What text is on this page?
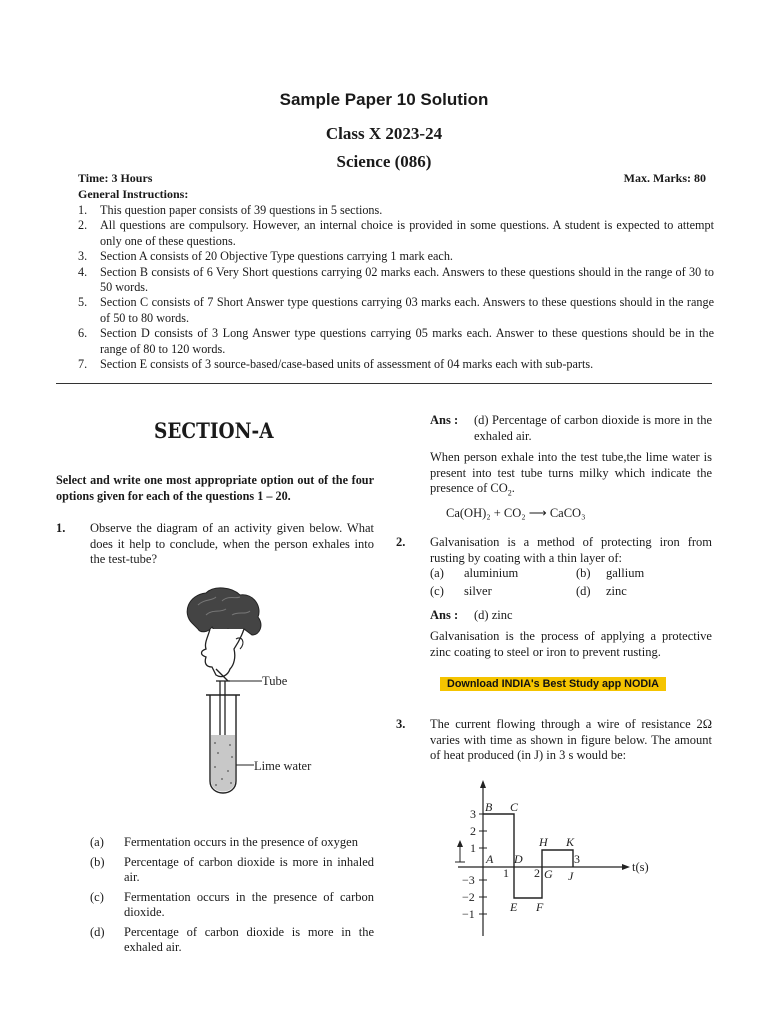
Sample Paper 10 Solution
Class X 2023-24
Science (086)
Time: 3 Hours	Max. Marks: 80
General Instructions:
1.	This question paper consists of 39 questions in 5 sections.
2.	All questions are compulsory. However, an internal choice is provided in some questions. A student is expected to attempt only one of these questions.
3.	Section A consists of 20 Objective Type questions carrying 1 mark each.
4.	Section B consists of 6 Very Short questions carrying 02 marks each. Answers to these questions should in the range of 30 to 50 words.
5.	Section C consists of 7 Short Answer type questions carrying 03 marks each. Answers to these questions should in the range of 50 to 80 words.
6.	Section D consists of 3 Long Answer type questions carrying 05 marks each. Answer to these questions should be in the range of 80 to 120 words.
7.	Section E consists of 3 source-based/case-based units of assessment of 04 marks each with sub-parts.
SECTION-A
Select and write one most appropriate option out of the four options given for each of the questions 1 – 20.
1. Observe the diagram of an activity given below. What does it help to conclude, when the person exhales into the test-tube?
Tube
Lime water
(a)	Fermentation occurs in the presence of oxygen
(b)	Percentage of carbon dioxide is more in inhaled air.
(c)	Fermentation occurs in the presence of carbon dioxide.
(d)	Percentage of carbon dioxide is more in the exhaled air.
Ans : (d) Percentage of carbon dioxide is more in the exhaled air.
When person exhale into the test tube,the lime water is present into test tube turns milky which indicate the presence of $CO_2$.
Ca(OH)₂ + CO₂ ⟶ CaCO₃
2. Galvanisation is a method of protecting iron from rusting by coating with a thin layer of:
(a)	aluminium	(b)	gallium
(c)	silver	(d)	zinc
Ans : (d) zinc
Galvanisation is the process of applying a protective zinc coating to steel or iron to prevent rusting.
Download INDIA's Best Study app NODIA
3. The current flowing through a wire of resistance 2Ω varies with time as shown in figure below. The amount of heat produced (in J) in 3 s would be:
3
2
1
−3
−2
−1
1 2
3
t(s)
A
B C
D
E F
G
H K
J
